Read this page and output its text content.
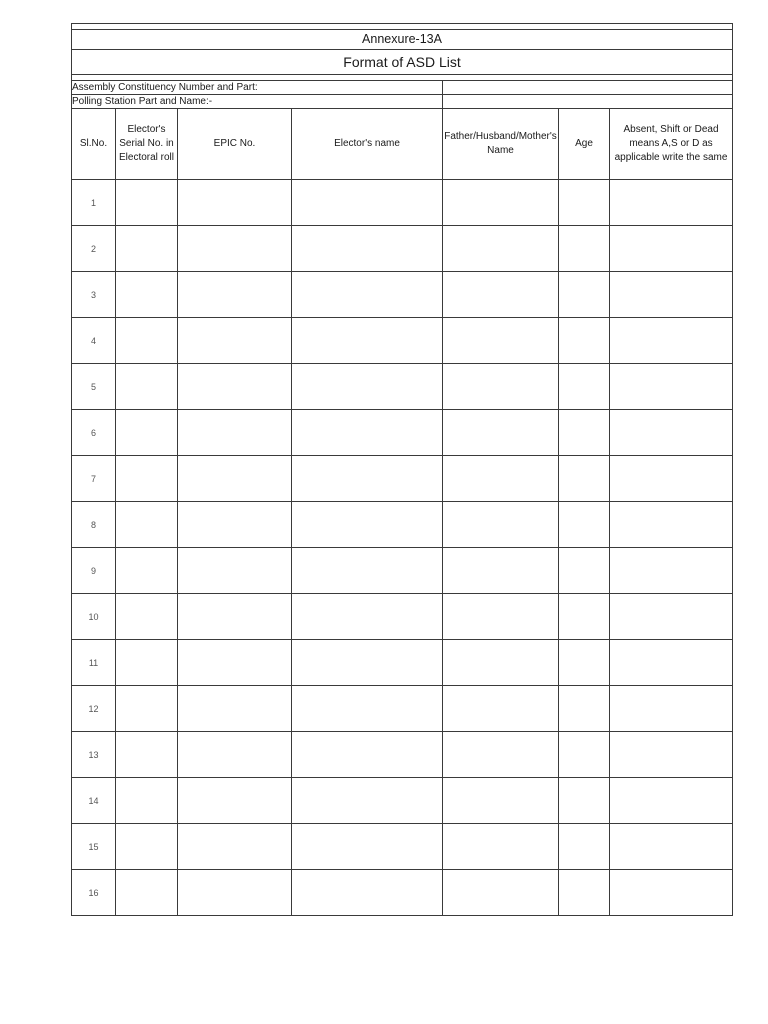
Annexure-13A						
Format of ASD List						

Assembly Constituency Number and Part:						
Polling Station Part and Name:-						
Sl.No.	Elector's Serial No. in Electoral roll	EPIC No.	Elector's name	Father/Husband/Mother's Name	Age	Absent, Shift or Dead means A,S or D as applicable write the same
1						
2						
3						
4						
5						
6						
7						
8						
9						
10						
11						
12						
13						
14						
15						
16						
